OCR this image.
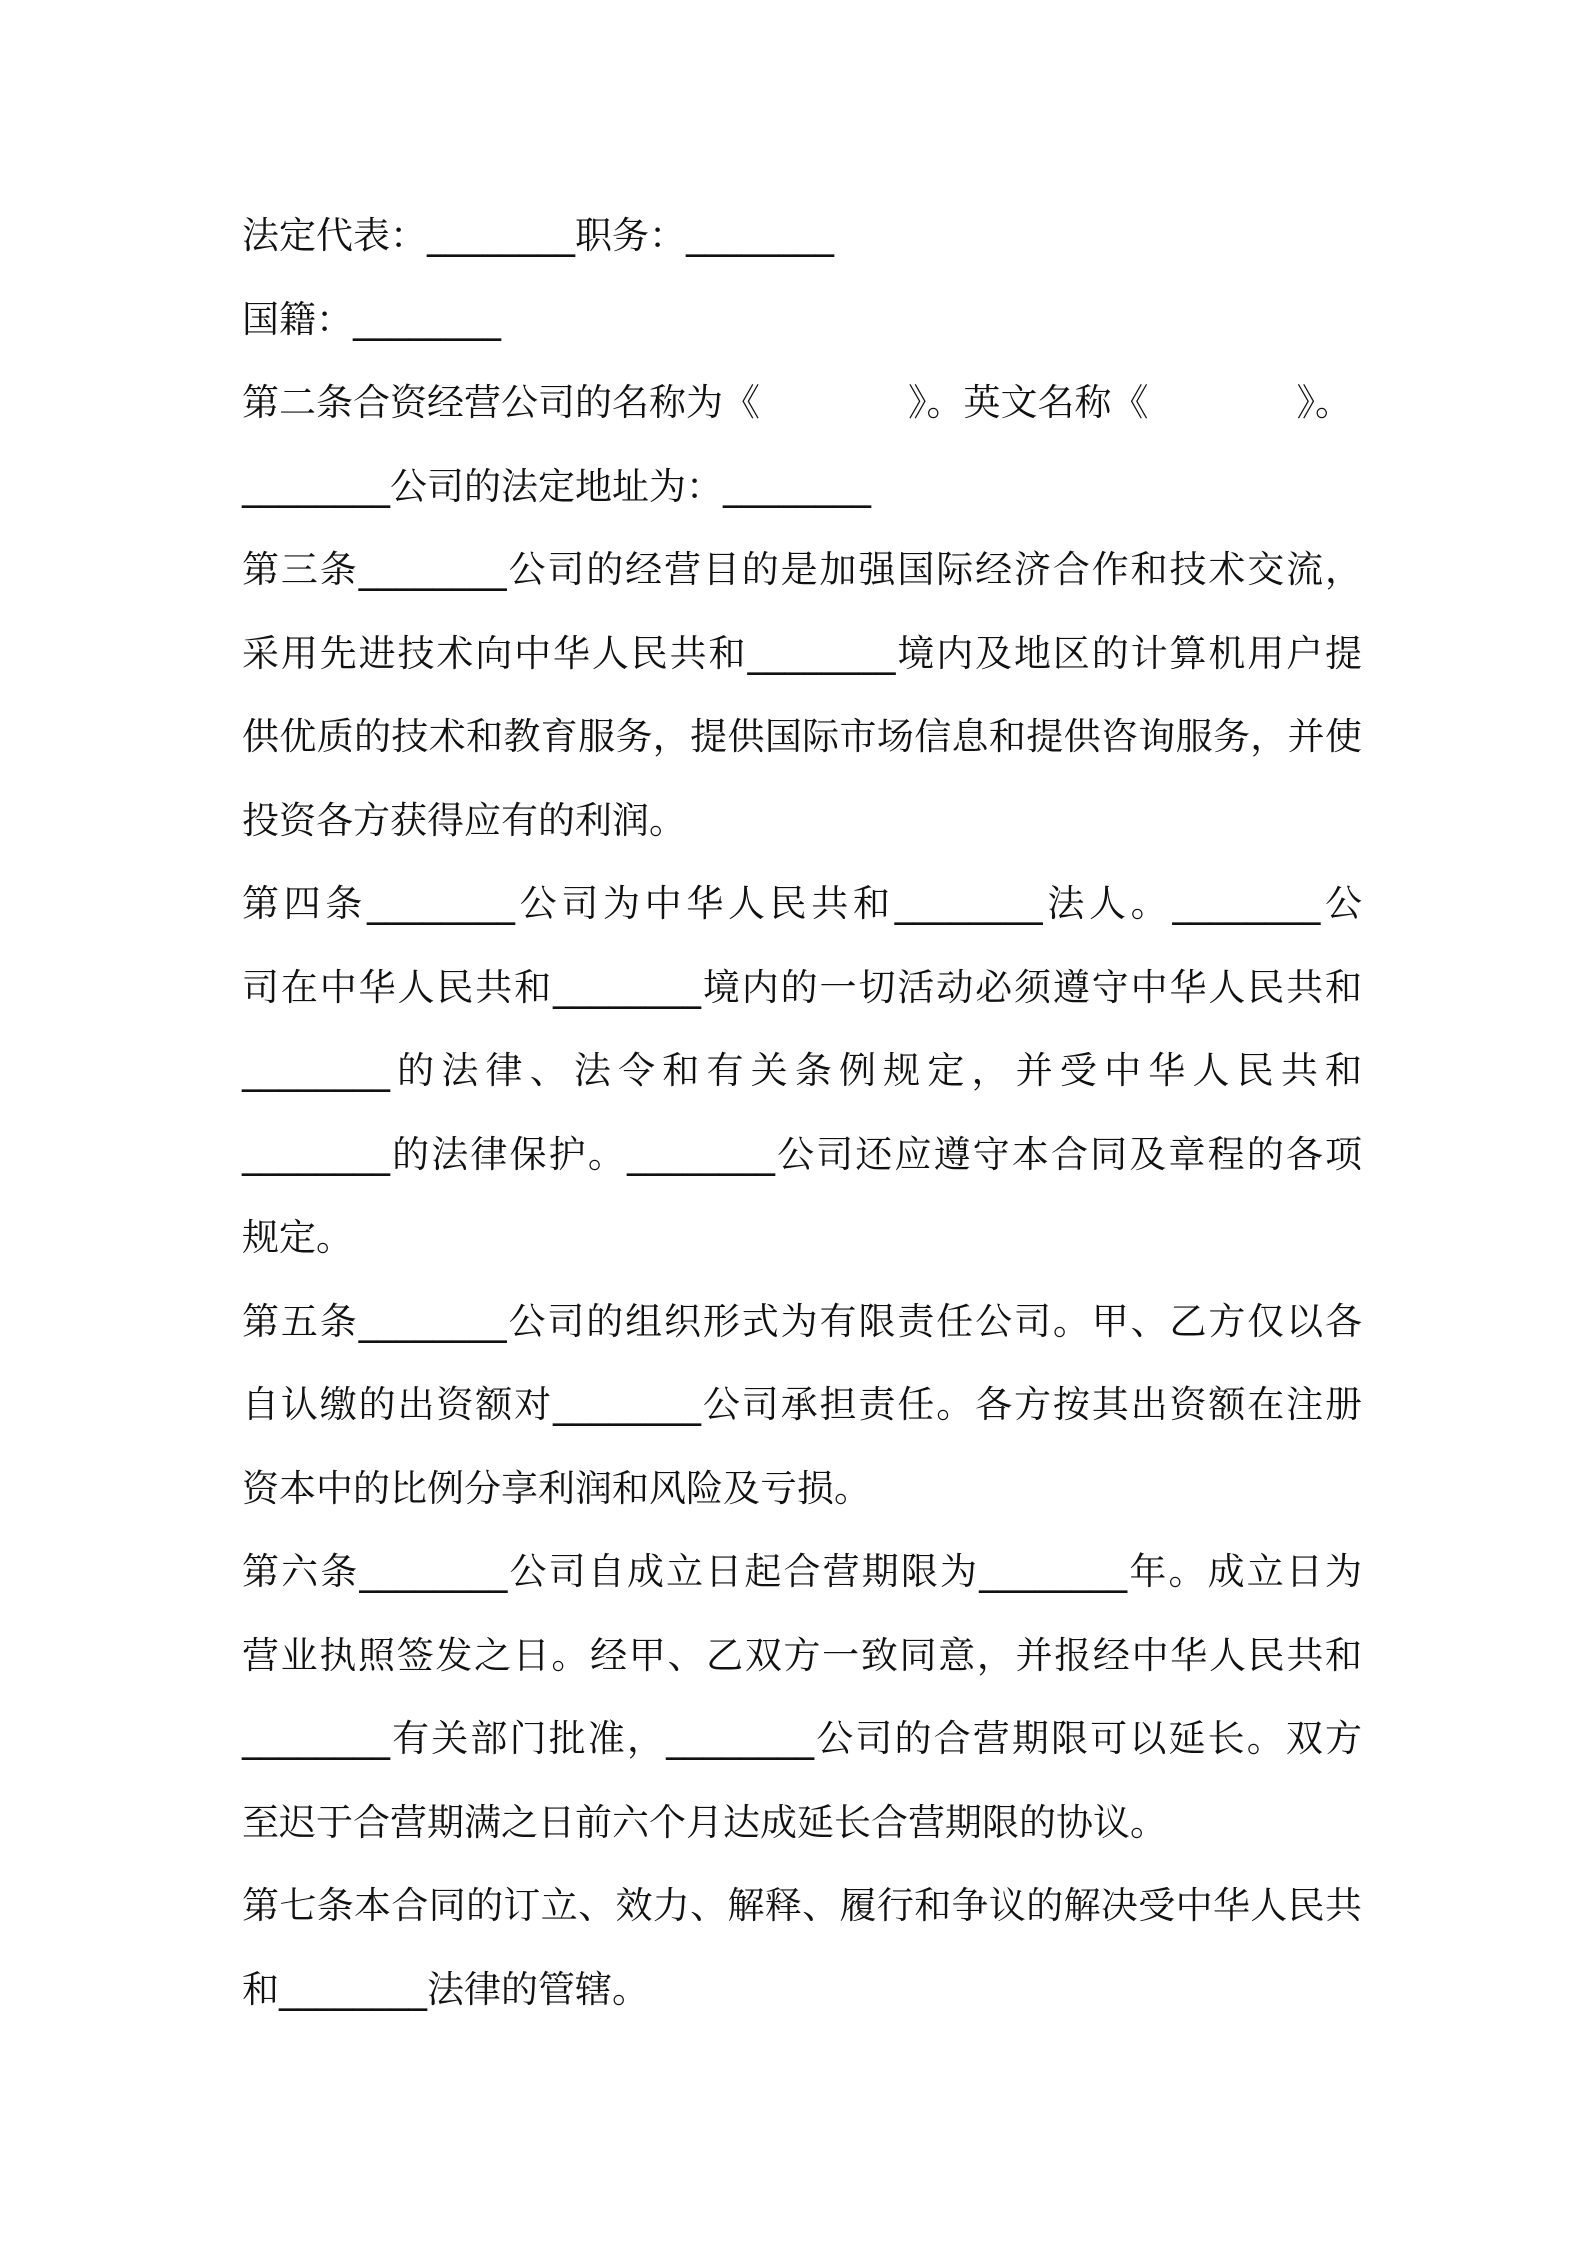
法定代表：________职务：________
国籍：________
第二条合资经营公司的名称为《　　　　》。英文名称《　　　　》。
________公司的法定地址为：________
第三条________公司的经营目的是加强国际经济合作和技术交流，
采用先进技术向中华人民共和________境内及地区的计算机用户提
供优质的技术和教育服务，提供国际市场信息和提供咨询服务，并使
投资各方获得应有的利润。
第四条________公司为中华人民共和________法人。________公
司在中华人民共和________境内的一切活动必须遵守中华人民共和
________的法律、法令和有关条例规定，并受中华人民共和
________的法律保护。________公司还应遵守本合同及章程的各项
规定。
第五条________公司的组织形式为有限责任公司。甲、乙方仅以各
自认缴的出资额对________公司承担责任。各方按其出资额在注册
资本中的比例分享利润和风险及亏损。
第六条________公司自成立日起合营期限为________年。成立日为
营业执照签发之日。经甲、乙双方一致同意，并报经中华人民共和
________有关部门批准，________公司的合营期限可以延长。双方
至迟于合营期满之日前六个月达成延长合营期限的协议。
第七条本合同的订立、效力、解释、履行和争议的解决受中华人民共
和________法律的管辖。
